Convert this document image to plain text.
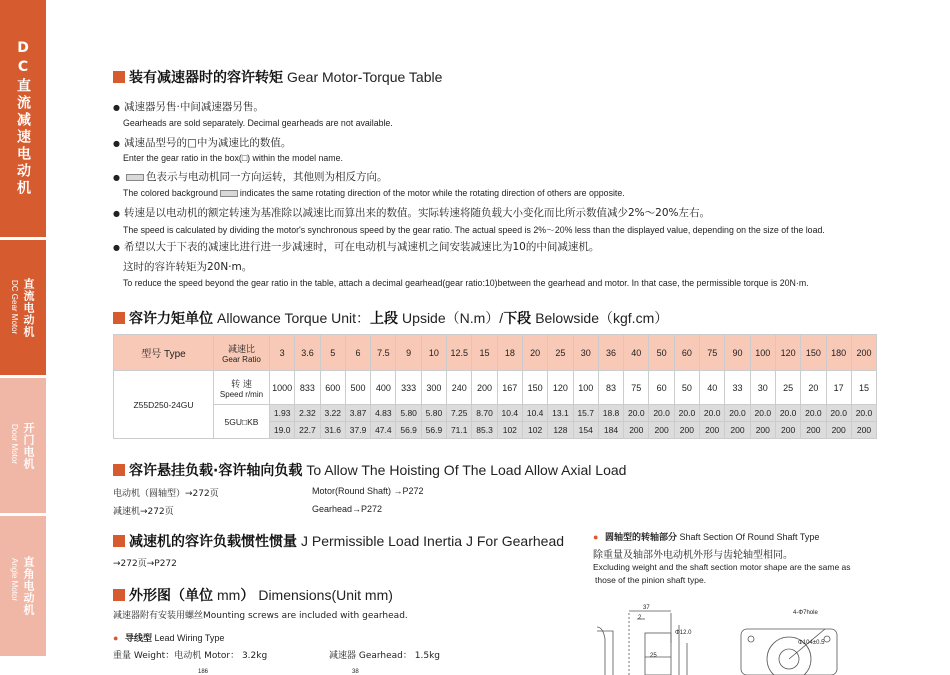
DC直流减速电动机
直流电动机
DC Gear Motor
开门电机
Door Motor
直角电动机
Angle Motor
装有减速器时的容许转矩 Gear Motor-Torque Table
● 减速器另售·中间减速器另售。
Gearheads are sold separately. Decimal gearheads are not available.
● 减速品型号的□中为减速比的数值。
Enter the gear ratio in the box(□) within the model name.
● 色表示与电动机同一方向运转，其他则为相反方向。
The colored background	indicates the same rotating direction of the motor while the rotating direction of others are opposite.
● 转速是以电动机的额定转速为基准除以减速比而算出来的数值。实际转速将随负载大小变化而比所示数值减少2%～20%左右。
The speed is calculated by dividing the motor's synchronous speed by the gear ratio. The actual speed is 2%～20% less than the displayed value, depending on the size of the load.
● 希望以大于下表的减速比进行进一步减速时，可在电动机与减速机之间安装减速比为10的中间减速机。
这时的容许转矩为20N·m。
To reduce the speed beyond the gear ratio in the table, attach a decimal gearhead(gear ratio:10)between the gearhead and motor. In that case, the permissible torque is 20N·m.
容许力矩单位 Allowance Torque Unit： 上段 Upside（N.m）/ 下段 Belowside（kgf.cm）
型号 Type	减速比
Gear Ratio	3	3.6	5	6	7.5	9	10	12.5	15	18	20	25	30	36	40	50	60	75	90	100	120	150	180	200
Z55D250-24GU	转 速
Speed r/min	1000	833	600	500	400	333	300	240	200	167	150	120	100	83	75	60	50	40	33	30	25	20	17	15
	5GU□KB	1.93	2.32	3.22	3.87	4.83	5.80	5.80	7.25	8.70	10.4	10.4	13.1	15.7	18.8	20.0	20.0	20.0	20.0	20.0	20.0	20.0	20.0	20.0	20.0
		19.0	22.7	31.6	37.9	47.4	56.9	56.9	71.1	85.3	102	102	128	154	184	200	200	200	200	200	200	200	200	200	200
容许悬挂负载·容许轴向负载 To Allow The Hoisting Of The Load Allow Axial Load
电动机（圆轴型）→272页	Motor(Round Shaft) →P272
减速机→272页	Gearhead→P272
减速机的容许负载惯性惯量 J Permissible Load Inertia J For Gearhead
→272页→P272
外形图（单位 mm ） Dimensions(Unit mm)
减速器附有安装用螺丝Mounting screws are included with gearhead.
● 导线型 Lead Wiring Type
重量 Weight：电动机 Motor： 3.2kg	减速器 Gearhead： 1.5kg
186	38
● 圆轴型的转轴部分 Shaft Section Of Round Shaft Type
除重量及轴部外电动机外形与齿轮轴型相同。
Excluding weight and the shaft section motor shape are the same as
those of the pinion shaft type.
37
2
25
4-Φ7hole
Φ12.0
Φ104±0.5
